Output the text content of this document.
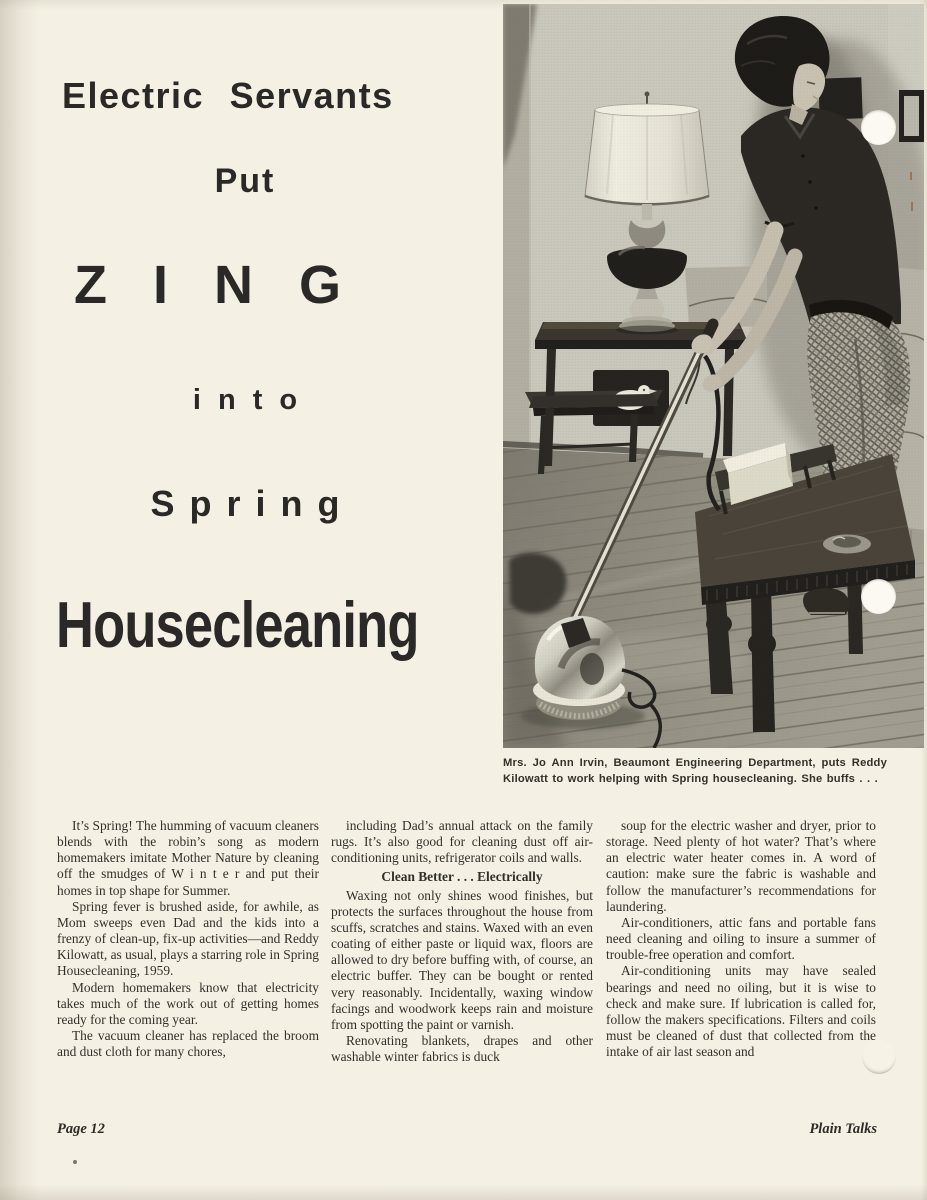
Electric Servants
Put
ZING
into
Spring
Housecleaning
Mrs. Jo Ann Irvin, Beaumont Engineering Department, puts Reddy Kilowatt to work helping with Spring housecleaning. She buffs . . .

It’s Spring! The humming of vacuum cleaners blends with the robin’s song as modern homemakers imitate Mother Nature by cleaning off the smudges of W i n t e r and put their homes in top shape for Summer.

Spring fever is brushed aside, for awhile, as Mom sweeps even Dad and the kids into a frenzy of clean-up, fix-up activities—and Reddy Kilowatt, as usual, plays a starring role in Spring Housecleaning, 1959.

Modern homemakers know that electricity takes much of the work out of getting homes ready for the coming year.

The vacuum cleaner has replaced the broom and dust cloth for many chores,

including Dad’s annual attack on the family rugs. It’s also good for cleaning dust off air-conditioning units, refrigerator coils and walls.

Clean Better . . . Electrically

Waxing not only shines wood finishes, but protects the surfaces throughout the house from scuffs, scratches and stains. Waxed with an even coating of either paste or liquid wax, floors are allowed to dry before buffing with, of course, an electric buffer. They can be bought or rented very reasonably. Incidentally, waxing window facings and woodwork keeps rain and moisture from spotting the paint or varnish.

Renovating blankets, drapes and other washable winter fabrics is duck

soup for the electric washer and dryer, prior to storage. Need plenty of hot water? That’s where an electric water heater comes in. A word of caution: make sure the fabric is washable and follow the manufacturer’s recommendations for laundering.

Air-conditioners, attic fans and portable fans need cleaning and oiling to insure a summer of trouble-free operation and comfort.

Air-conditioning units may have sealed bearings and need no oiling, but it is wise to check and make sure. If lubrication is called for, follow the makers specifications. Filters and coils must be cleaned of dust that collected from the intake of air last season and

Page 12	Plain Talks
